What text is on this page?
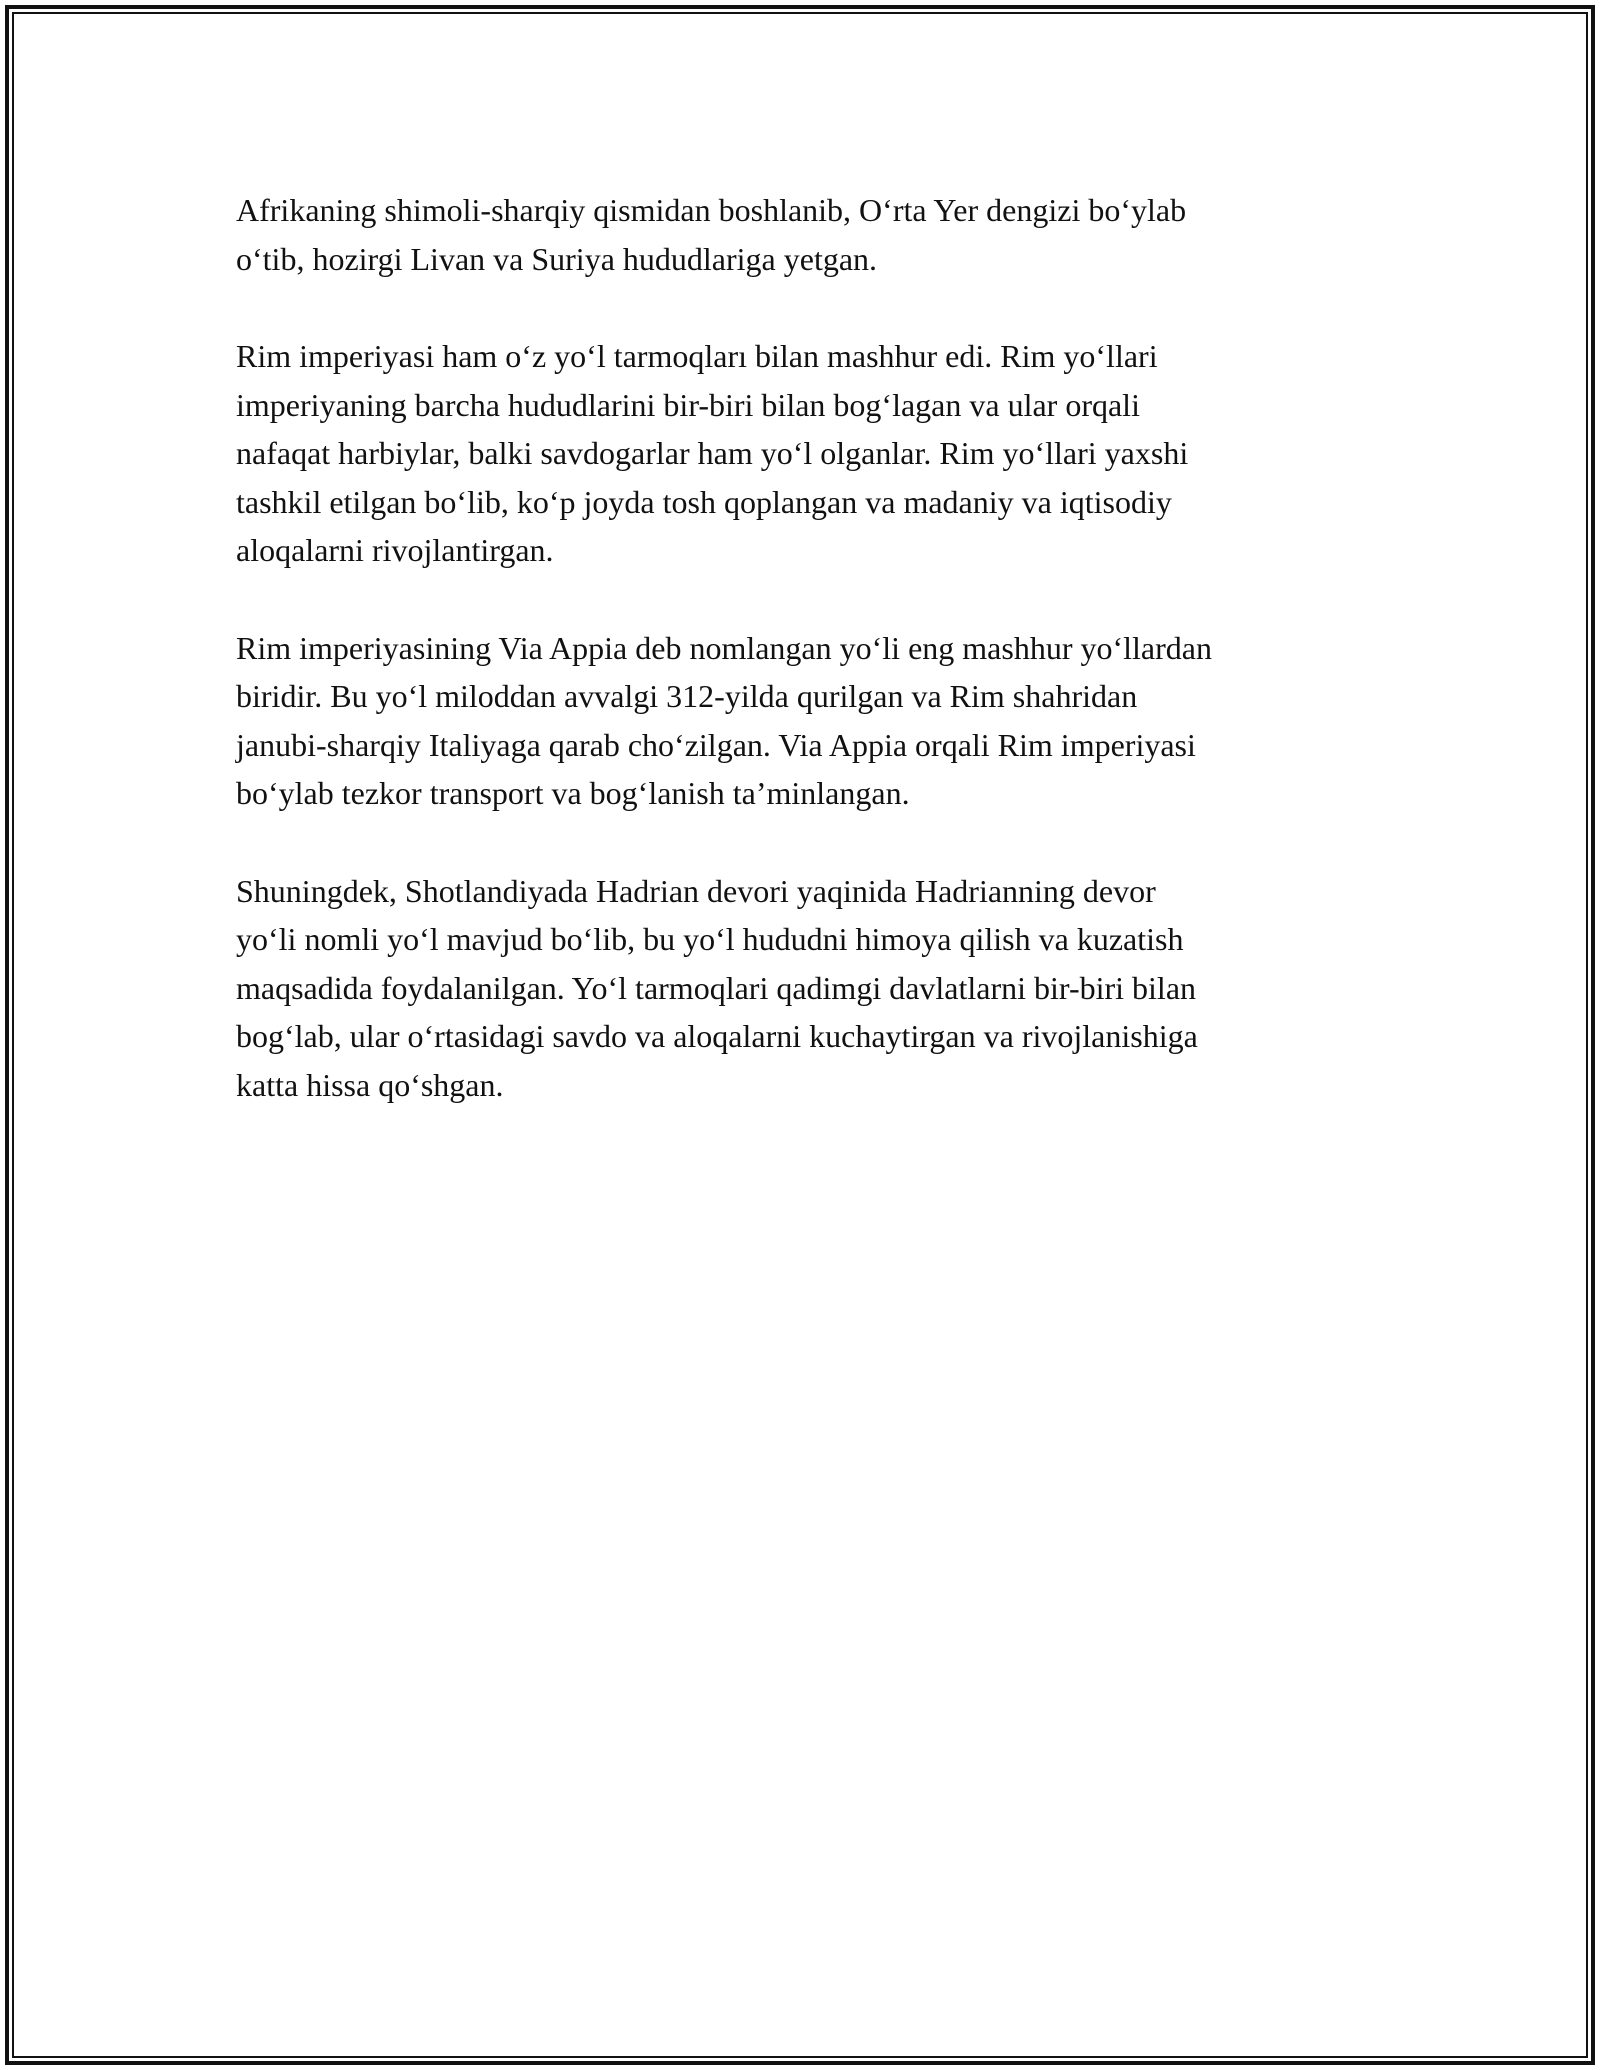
Afrikaning shimoli-sharqiy qismidan boshlanib, O‘rta Yer dengizi bo‘ylab
o‘tib, hozirgi Livan va Suriya hududlariga yetgan.

Rim imperiyasi ham o‘z yo‘l tarmoqları bilan mashhur edi. Rim yo‘llari
imperiyaning barcha hududlarini bir-biri bilan bog‘lagan va ular orqali
nafaqat harbiylar, balki savdogarlar ham yo‘l olganlar. Rim yo‘llari yaxshi
tashkil etilgan bo‘lib, ko‘p joyda tosh qoplangan va madaniy va iqtisodiy
aloqalarni rivojlantirgan.

Rim imperiyasining Via Appia deb nomlangan yo‘li eng mashhur yo‘llardan
biridir. Bu yo‘l miloddan avvalgi 312-yilda qurilgan va Rim shahridan
janubi-sharqiy Italiyaga qarab cho‘zilgan. Via Appia orqali Rim imperiyasi
bo‘ylab tezkor transport va bog‘lanish ta’minlangan.

Shuningdek, Shotlandiyada Hadrian devori yaqinida Hadrianning devor
yo‘li nomli yo‘l mavjud bo‘lib, bu yo‘l hududni himoya qilish va kuzatish
maqsadida foydalanilgan. Yo‘l tarmoqlari qadimgi davlatlarni bir-biri bilan
bog‘lab, ular o‘rtasidagi savdo va aloqalarni kuchaytirgan va rivojlanishiga
katta hissa qo‘shgan.
